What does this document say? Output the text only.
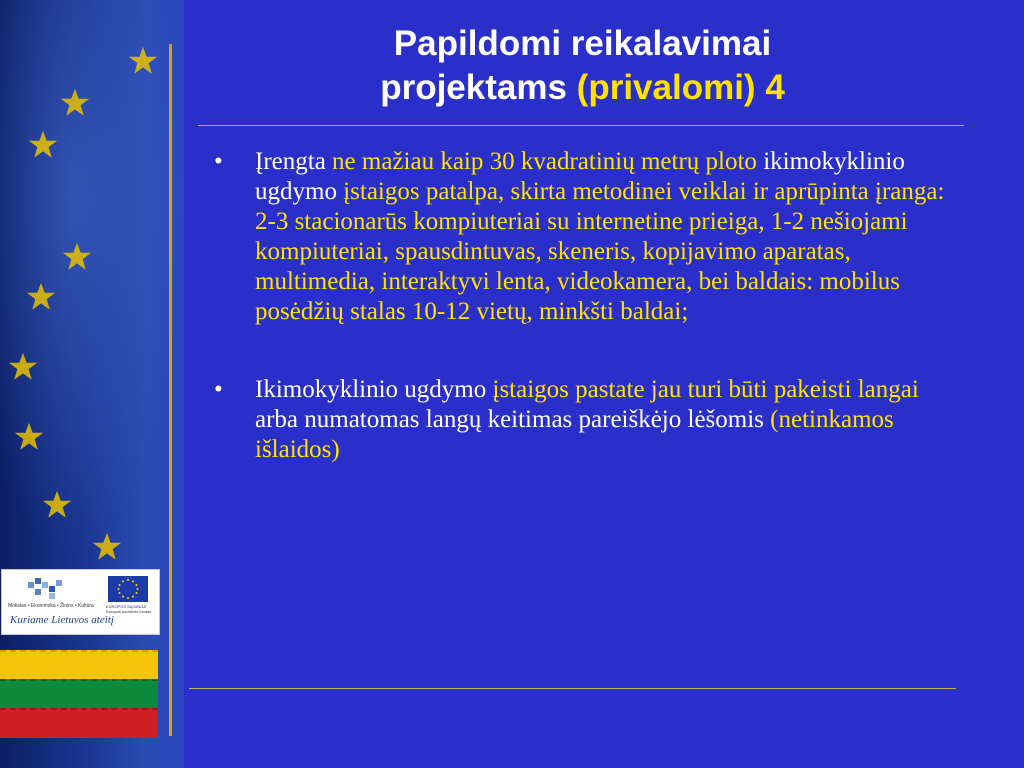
Mokslas • Ekonomika • Žinios • Kultūra	EUROPOS SĄJUNGA Europos socialinis fondas
Kuriame Lietuvos ateitį
Papildomi reikalavimai
projektams (privalomi) 4
• Įrengta ne mažiau kaip 30 kvadratinių metrų ploto ikimokyklinio ugdymo įstaigos patalpa, skirta metodinei veiklai ir aprūpinta įranga: 2-3 stacionarūs kompiuteriai su internetine prieiga, 1-2 nešiojami kompiuteriai, spausdintuvas, skeneris, kopijavimo aparatas, multimedia, interaktyvi lenta, videokamera, bei baldais: mobilus posėdžių stalas 10-12 vietų, minkšti baldai;
• Ikimokyklinio ugdymo įstaigos pastate jau turi būti pakeisti langai arba numatomas langų keitimas pareiškėjo lėšomis (netinkamos išlaidos)
